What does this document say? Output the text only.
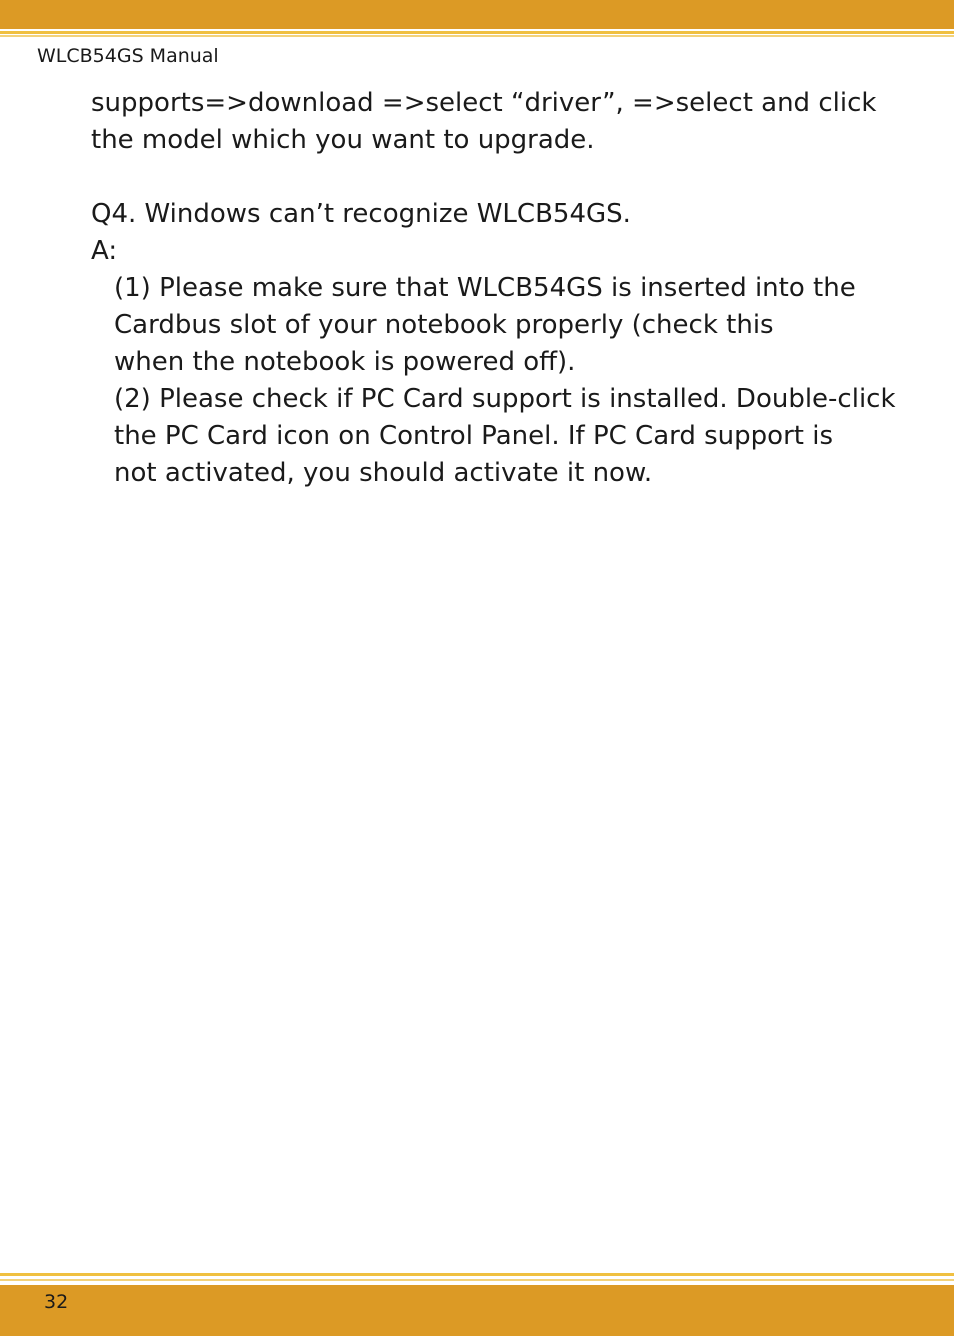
WLCB54GS Manual

supports=>download =>select “driver”, =>select and click

the model which you want to upgrade.

Q4. Windows can’t recognize WLCB54GS.

A:

(1) Please make sure that WLCB54GS is inserted into the

Cardbus slot of your notebook properly (check this

when the notebook is powered off).

(2) Please check if PC Card support is installed. Double-click

the PC Card icon on Control Panel. If PC Card support is

not activated, you should activate it now.

32
